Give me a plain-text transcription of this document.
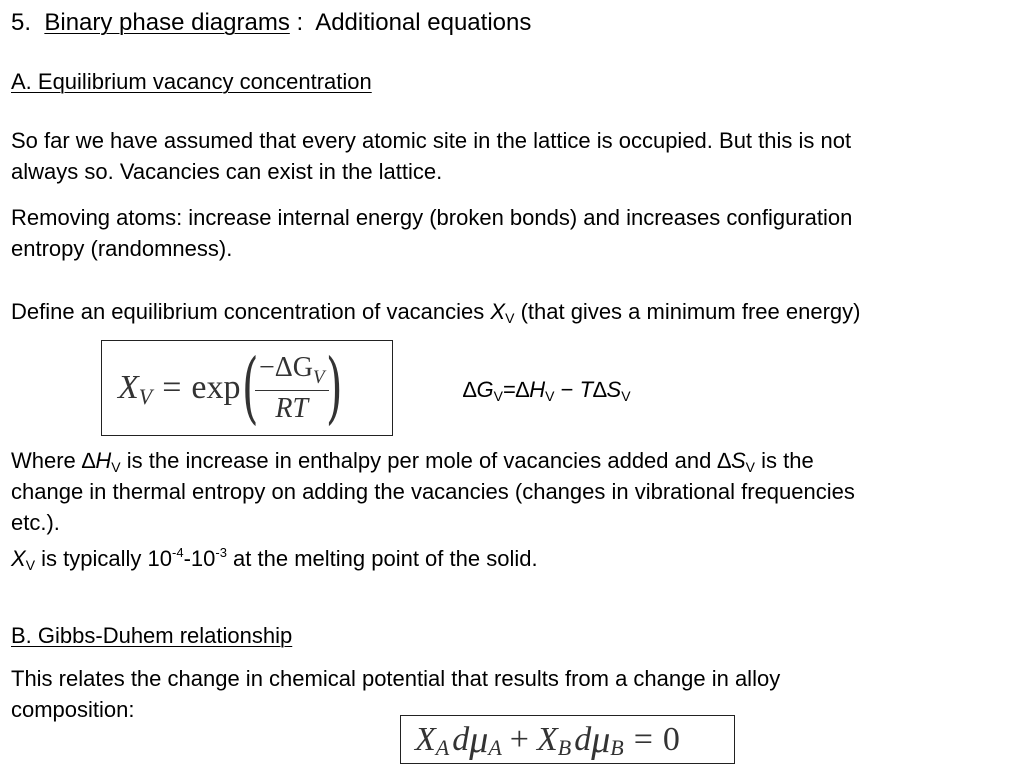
5. Binary phase diagrams : Additional equations
A. Equilibrium vacancy concentration
So far we have assumed that every atomic site in the lattice is occupied. But this is not
always so. Vacancies can exist in the lattice.
Removing atoms: increase internal energy (broken bonds) and increases configuration
entropy (randomness).
Define an equilibrium concentration of vacancies $X_V$ (that gives a minimum free energy)
X V = exp (
$\frac{-\Delta G_V}{RT}$
)	$\Delta G_V=\Delta H_V - T\Delta S_V$
Where $\Delta H_V$ is the increase in enthalpy per mole of vacancies added and $\Delta S_V$ is the
change in thermal entropy on adding the vacancies (changes in vibrational frequencies
etc.).
$X_V$ is typically $10^{-4}-10^{-3}$ at the melting point of the solid.
B. Gibbs-Duhem relationship
This relates the change in chemical potential that results from a change in alloy
composition:
X A d μ A + X B d μ B = 0
